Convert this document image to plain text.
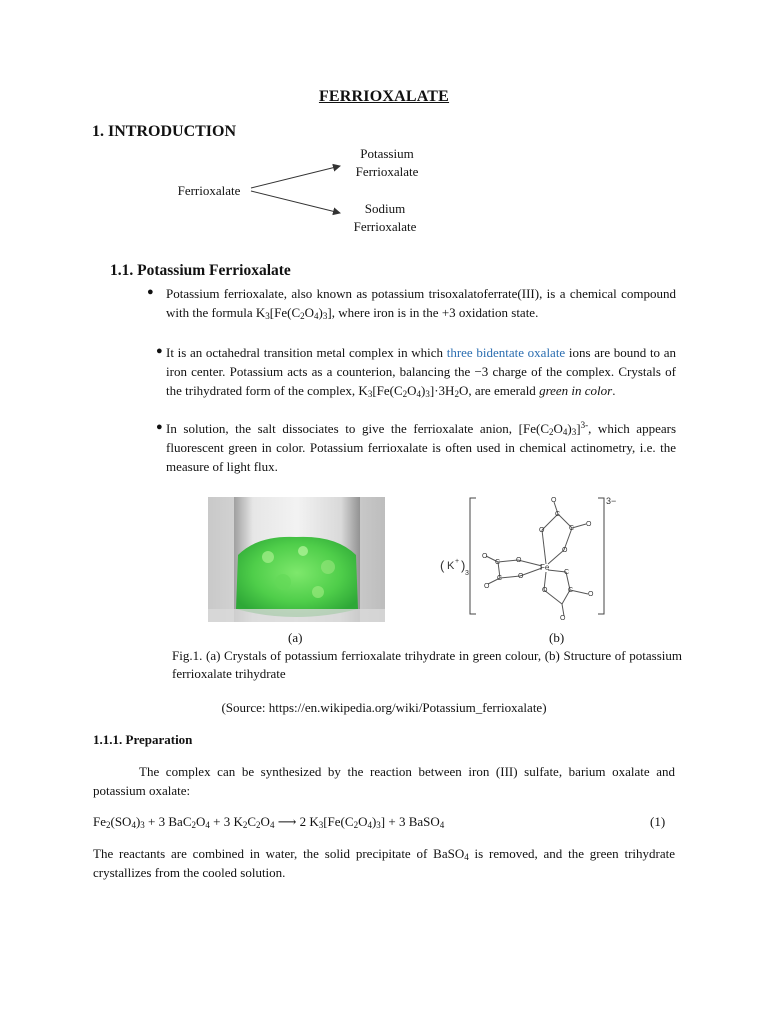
FERRIOXALATE
1. INTRODUCTION
Ferrioxalate
Potassium
Ferrioxalate
Sodium
Ferrioxalate
1.1. Potassium Ferrioxalate
● Potassium ferrioxalate, also known as potassium trisoxalatoferrate(III), is a chemical compound with the formula $K_3[Fe(C_2O_4)_3]$, where iron is in the +3 oxidation state.
● It is an octahedral transition metal complex in which three bidentate oxalate ions are bound to an iron center. Potassium acts as a counterion, balancing the −3 charge of the complex. Crystals of the trihydrated form of the complex, $K_3[Fe(C_2O_4)_3]\cdot 3H_2O$, are emerald green in color.
● In solution, the salt dissociates to give the ferrioxalate anion, $[Fe(C_2O_4)_3]^{3-}$, which appears fluorescent green in color. Potassium ferrioxalate is often used in chemical actinometry, i.e. the measure of light flux.
3−
( K + )
3
Fe
O
C
C
O
O
O
O
C
C O
O
O
C
C
O
O
O
(a)	(b)
Fig.1. (a) Crystals of potassium ferrioxalate trihydrate in green colour, (b) Structure of potassium ferrioxalate trihydrate
(Source: https://en.wikipedia.org/wiki/Potassium_ferrioxalate)
1.1.1. Preparation
The complex can be synthesized by the reaction between iron (III) sulfate, barium oxalate and potassium oxalate:
$Fe_2(SO_4)_3 + 3$ $BaC_2O_4 + 3$ $K_2C_2O_4$ ⟶ 2 $K_3[Fe(C_2O_4)_3] + 3$ BaSO$_4$	(1)
The reactants are combined in water, the solid precipitate of BaSO$_4$ is removed, and the green trihydrate crystallizes from the cooled solution.
